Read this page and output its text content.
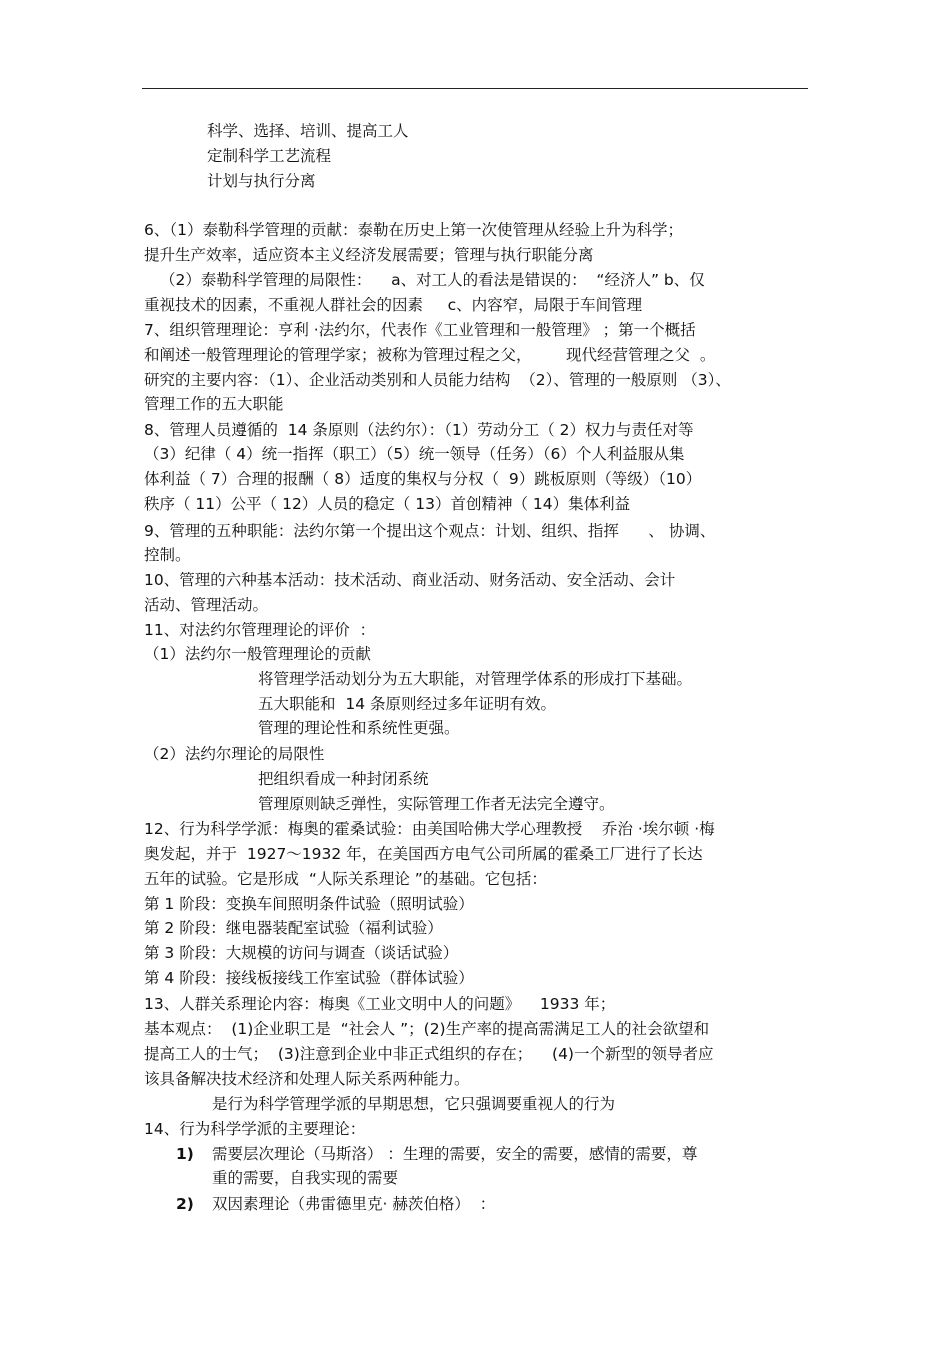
科学、选择、培训、提高工人
定制科学工艺流程
计划与执行分离
6、（1）泰勒科学管理的贡献：泰勒在历史上第一次使管理从经验上升为科学；
提升生产效率，适应资本主义经济发展需要；管理与执行职能分离
（2）泰勒科学管理的局限性：    a、对工人的看法是错误的：  “经济人” b、仅
重视技术的因素，不重视人群社会的因素     c、内容窄，局限于车间管理
7、组织管理理论：亨利 ·法约尔，代表作《工业管理和一般管理》 ；第一个概括
和阐述一般管理理论的管理学家；被称为管理过程之父，       现代经营管理之父  。
研究的主要内容：（1）、企业活动类别和人员能力结构  （2）、管理的一般原则 （3）、
管理工作的五大职能
8、管理人员遵循的  14 条原则（法约尔）：（1）劳动分工（ 2）权力与责任对等
（3）纪律（ 4）统一指挥（职工）（5）统一领导（任务）（6）个人利益服从集
体利益（ 7）合理的报酬（ 8）适度的集权与分权（  9）跳板原则（等级）（10）
秩序（ 11）公平（ 12）人员的稳定（ 13）首创精神（ 14）集体利益
9、管理的五种职能：法约尔第一个提出这个观点：计划、组织、指挥      、 协调、
控制。
10、管理的六种基本活动：技术活动、商业活动、财务活动、安全活动、会计
活动、管理活动。
11、对法约尔管理理论的评价  ：
（1）法约尔一般管理理论的贡献
将管理学活动划分为五大职能，对管理学体系的形成打下基础。
五大职能和  14 条原则经过多年证明有效。
管理的理论性和系统性更强。
（2）法约尔理论的局限性
把组织看成一种封闭系统
管理原则缺乏弹性，实际管理工作者无法完全遵守。
12、行为科学学派：梅奥的霍桑试验：由美国哈佛大学心理教授    乔治 ·埃尔顿 ·梅
奥发起，并于  1927～1932 年，在美国西方电气公司所属的霍桑工厂进行了长达
五年的试验。它是形成  “人际关系理论 ”的基础。它包括：
第 1 阶段：变换车间照明条件试验（照明试验）
第 2 阶段：继电器装配室试验（福利试验）
第 3 阶段：大规模的访问与调查（谈话试验）
第 4 阶段：接线板接线工作室试验（群体试验）
13、人群关系理论内容：梅奥《工业文明中人的问题》    1933 年；
基本观点：  (1)企业职工是  “社会人 ”；(2)生产率的提高需满足工人的社会欲望和
提高工人的士气；  (3)注意到企业中非正式组织的存在；    (4)一个新型的领导者应
该具备解决技术经济和处理人际关系两种能力。
是行为科学管理学派的早期思想，它只强调要重视人的行为
14、行为科学学派的主要理论：
1) 需要层次理论（马斯洛） ：生理的需要，安全的需要，感情的需要，尊
重的需要，自我实现的需要
2) 双因素理论（弗雷德里克· 赫茨伯格）  ：
